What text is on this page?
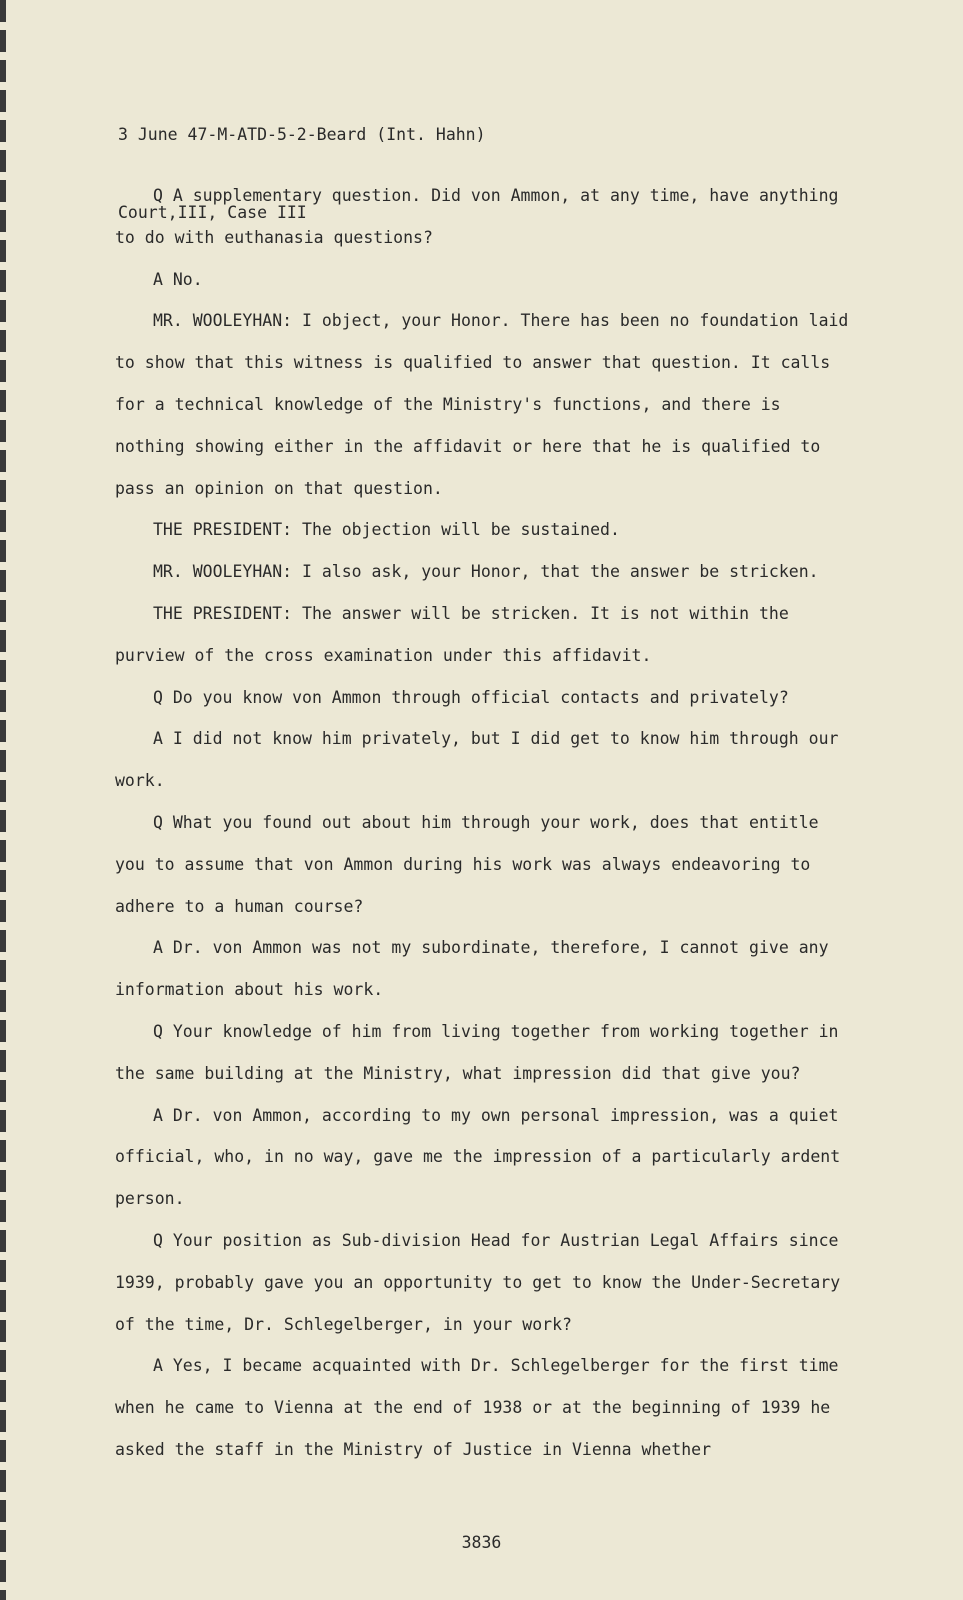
3 June 47-M-ATD-5-2-Beard (Int. Hahn)

Court,III, Case III

Q A supplementary question. Did von Ammon, at any time, have anything to do with euthanasia questions?

A No.

MR. WOOLEYHAN: I object, your Honor. There has been no foundation laid to show that this witness is qualified to answer that question. It calls for a technical knowledge of the Ministry's functions, and there is nothing showing either in the affidavit or here that he is qualified to pass an opinion on that question.

THE PRESIDENT: The objection will be sustained.

MR. WOOLEYHAN: I also ask, your Honor, that the answer be stricken.

THE PRESIDENT: The answer will be stricken. It is not within the purview of the cross examination under this affidavit.

Q Do you know von Ammon through official contacts and privately?

A I did not know him privately, but I did get to know him through our work.

Q What you found out about him through your work, does that entitle you to assume that von Ammon during his work was always endeavoring to adhere to a human course?

A Dr. von Ammon was not my subordinate, therefore, I cannot give any information about his work.

Q Your knowledge of him from living together from working together in the same building at the Ministry, what impression did that give you?

A Dr. von Ammon, according to my own personal impression, was a quiet official, who, in no way, gave me the impression of a particularly ardent person.

Q Your position as Sub-division Head for Austrian Legal Affairs since 1939, probably gave you an opportunity to get to know the Under-Secretary of the time, Dr. Schlegelberger, in your work?

A Yes, I became acquainted with Dr. Schlegelberger for the first time when he came to Vienna at the end of 1938 or at the beginning of 1939 he asked the staff in the Ministry of Justice in Vienna whether

3836
